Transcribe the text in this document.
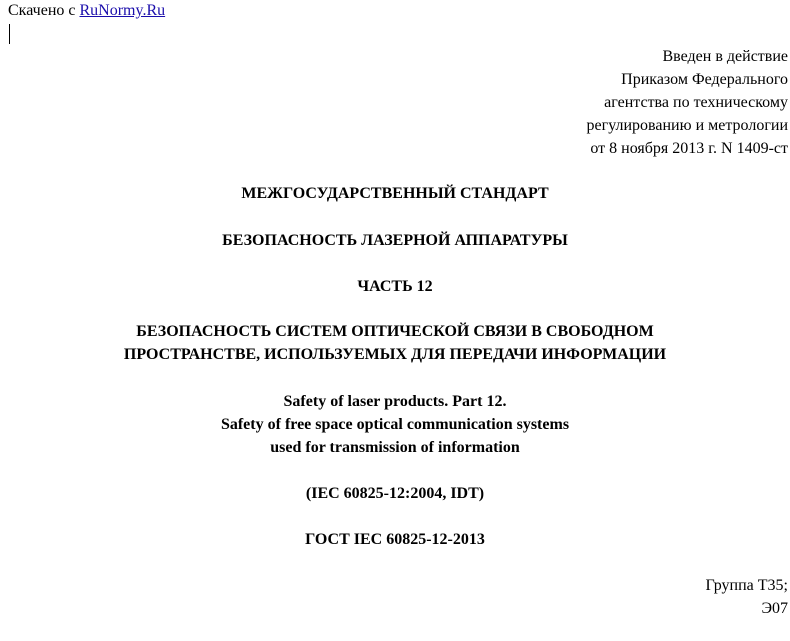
Скачено с RuNormy.Ru
Введен в действие
Приказом Федерального
агентства по техническому
регулированию и метрологии
от 8 ноября 2013 г. N 1409-ст
МЕЖГОСУДАРСТВЕННЫЙ СТАНДАРТ
БЕЗОПАСНОСТЬ ЛАЗЕРНОЙ АППАРАТУРЫ
ЧАСТЬ 12
БЕЗОПАСНОСТЬ СИСТЕМ ОПТИЧЕСКОЙ СВЯЗИ В СВОБОДНОМ
ПРОСТРАНСТВЕ, ИСПОЛЬЗУЕМЫХ ДЛЯ ПЕРЕДАЧИ ИНФОРМАЦИИ
Safety of laser products. Part 12.
Safety of free space optical communication systems
used for transmission of information
(IEC 60825-12:2004, IDT)
ГОСТ IEC 60825-12-2013
Группа Т35;
Э07
